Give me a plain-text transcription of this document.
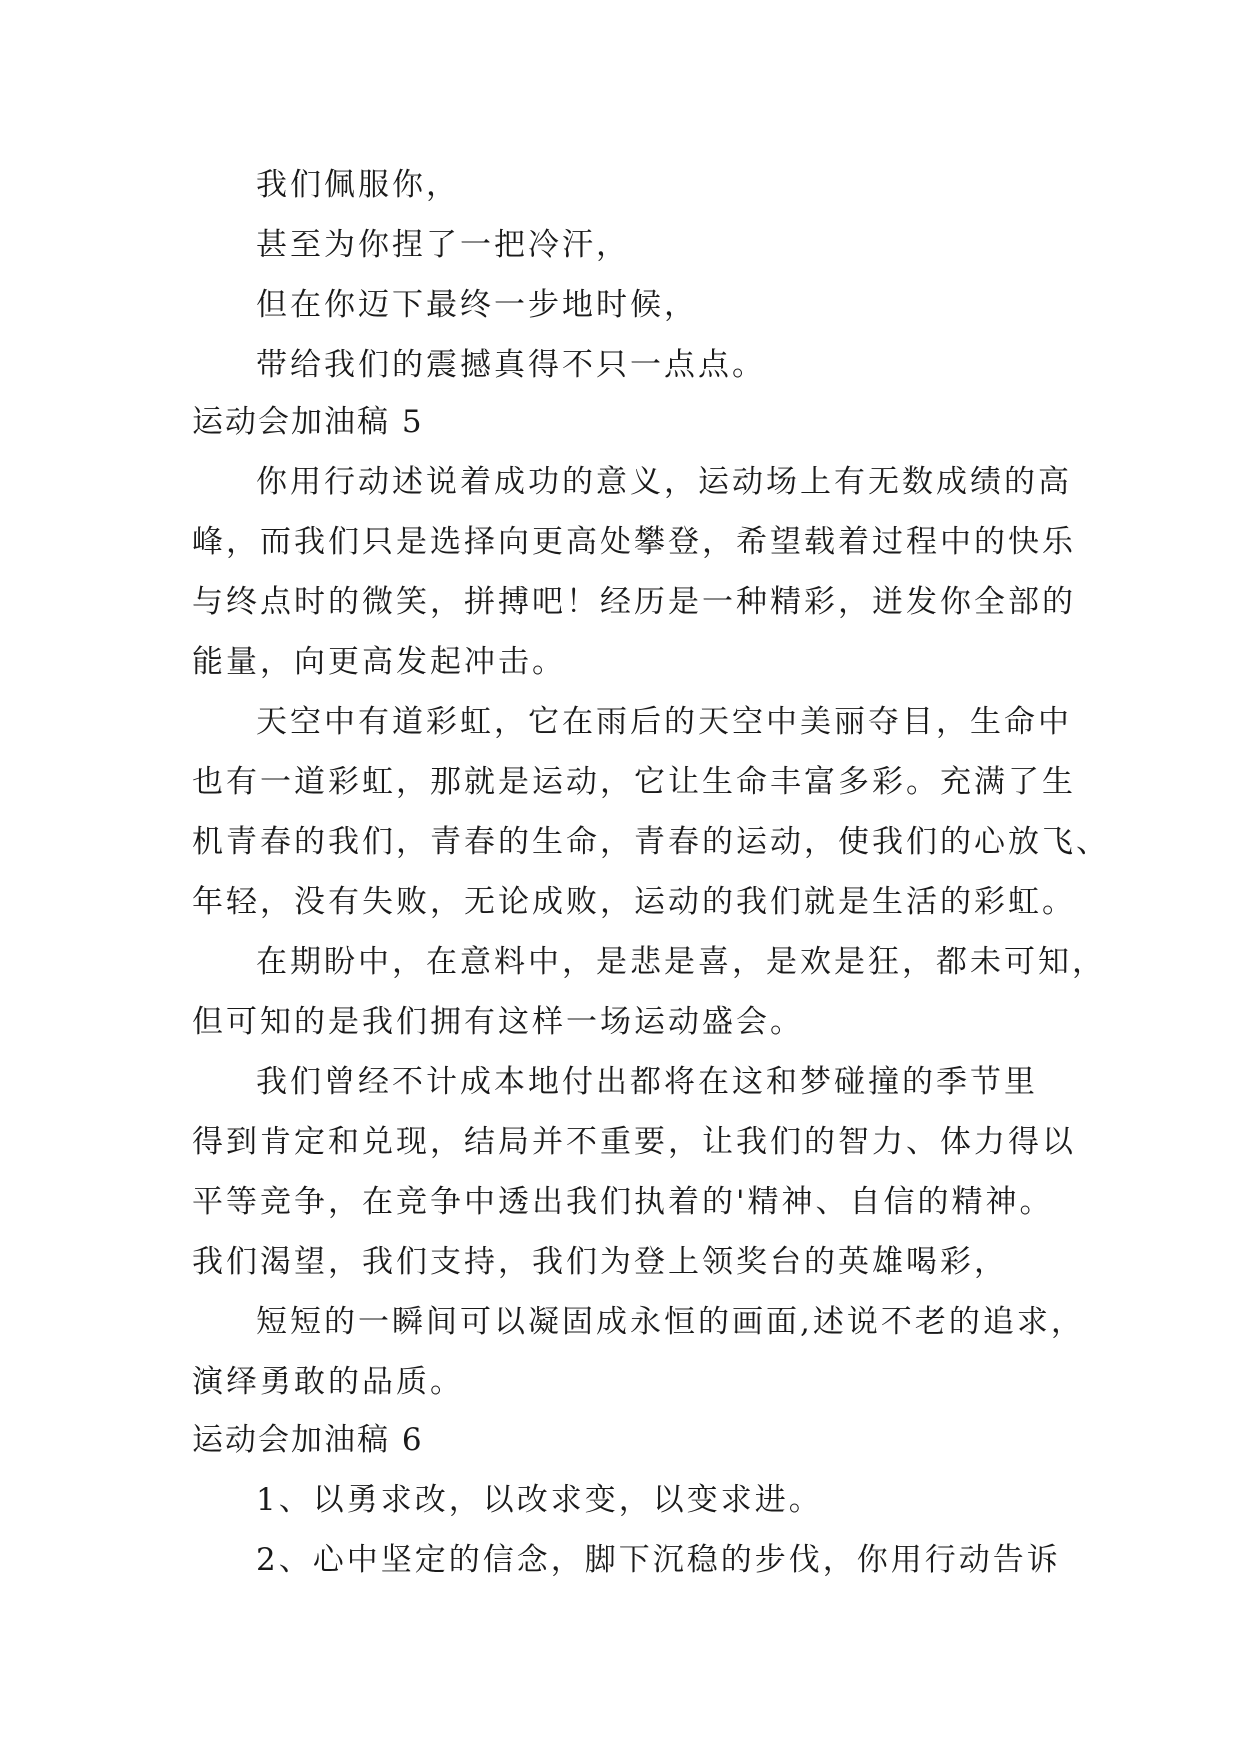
我们佩服你，
甚至为你捏了一把冷汗，
但在你迈下最终一步地时候，
带给我们的震撼真得不只一点点。
运动会加油稿 5
你用行动述说着成功的意义，运动场上有无数成绩的高
峰，而我们只是选择向更高处攀登，希望载着过程中的快乐
与终点时的微笑，拼搏吧！经历是一种精彩，迸发你全部的
能量，向更高发起冲击。
天空中有道彩虹，它在雨后的天空中美丽夺目，生命中
也有一道彩虹，那就是运动，它让生命丰富多彩。充满了生
机青春的我们，青春的生命，青春的运动，使我们的心放飞、
年轻，没有失败，无论成败，运动的我们就是生活的彩虹。
在期盼中，在意料中，是悲是喜，是欢是狂，都未可知，
但可知的是我们拥有这样一场运动盛会。
我们曾经不计成本地付出都将在这和梦碰撞的季节里
得到肯定和兑现，结局并不重要，让我们的智力、体力得以
平等竞争，在竞争中透出我们执着的'精神、自信的精神。
我们渴望，我们支持，我们为登上领奖台的英雄喝彩，
短短的一瞬间可以凝固成永恒的画面,述说不老的追求，
演绎勇敢的品质。
运动会加油稿 6
1、以勇求改，以改求变，以变求进。
2、心中坚定的信念，脚下沉稳的步伐，你用行动告诉
